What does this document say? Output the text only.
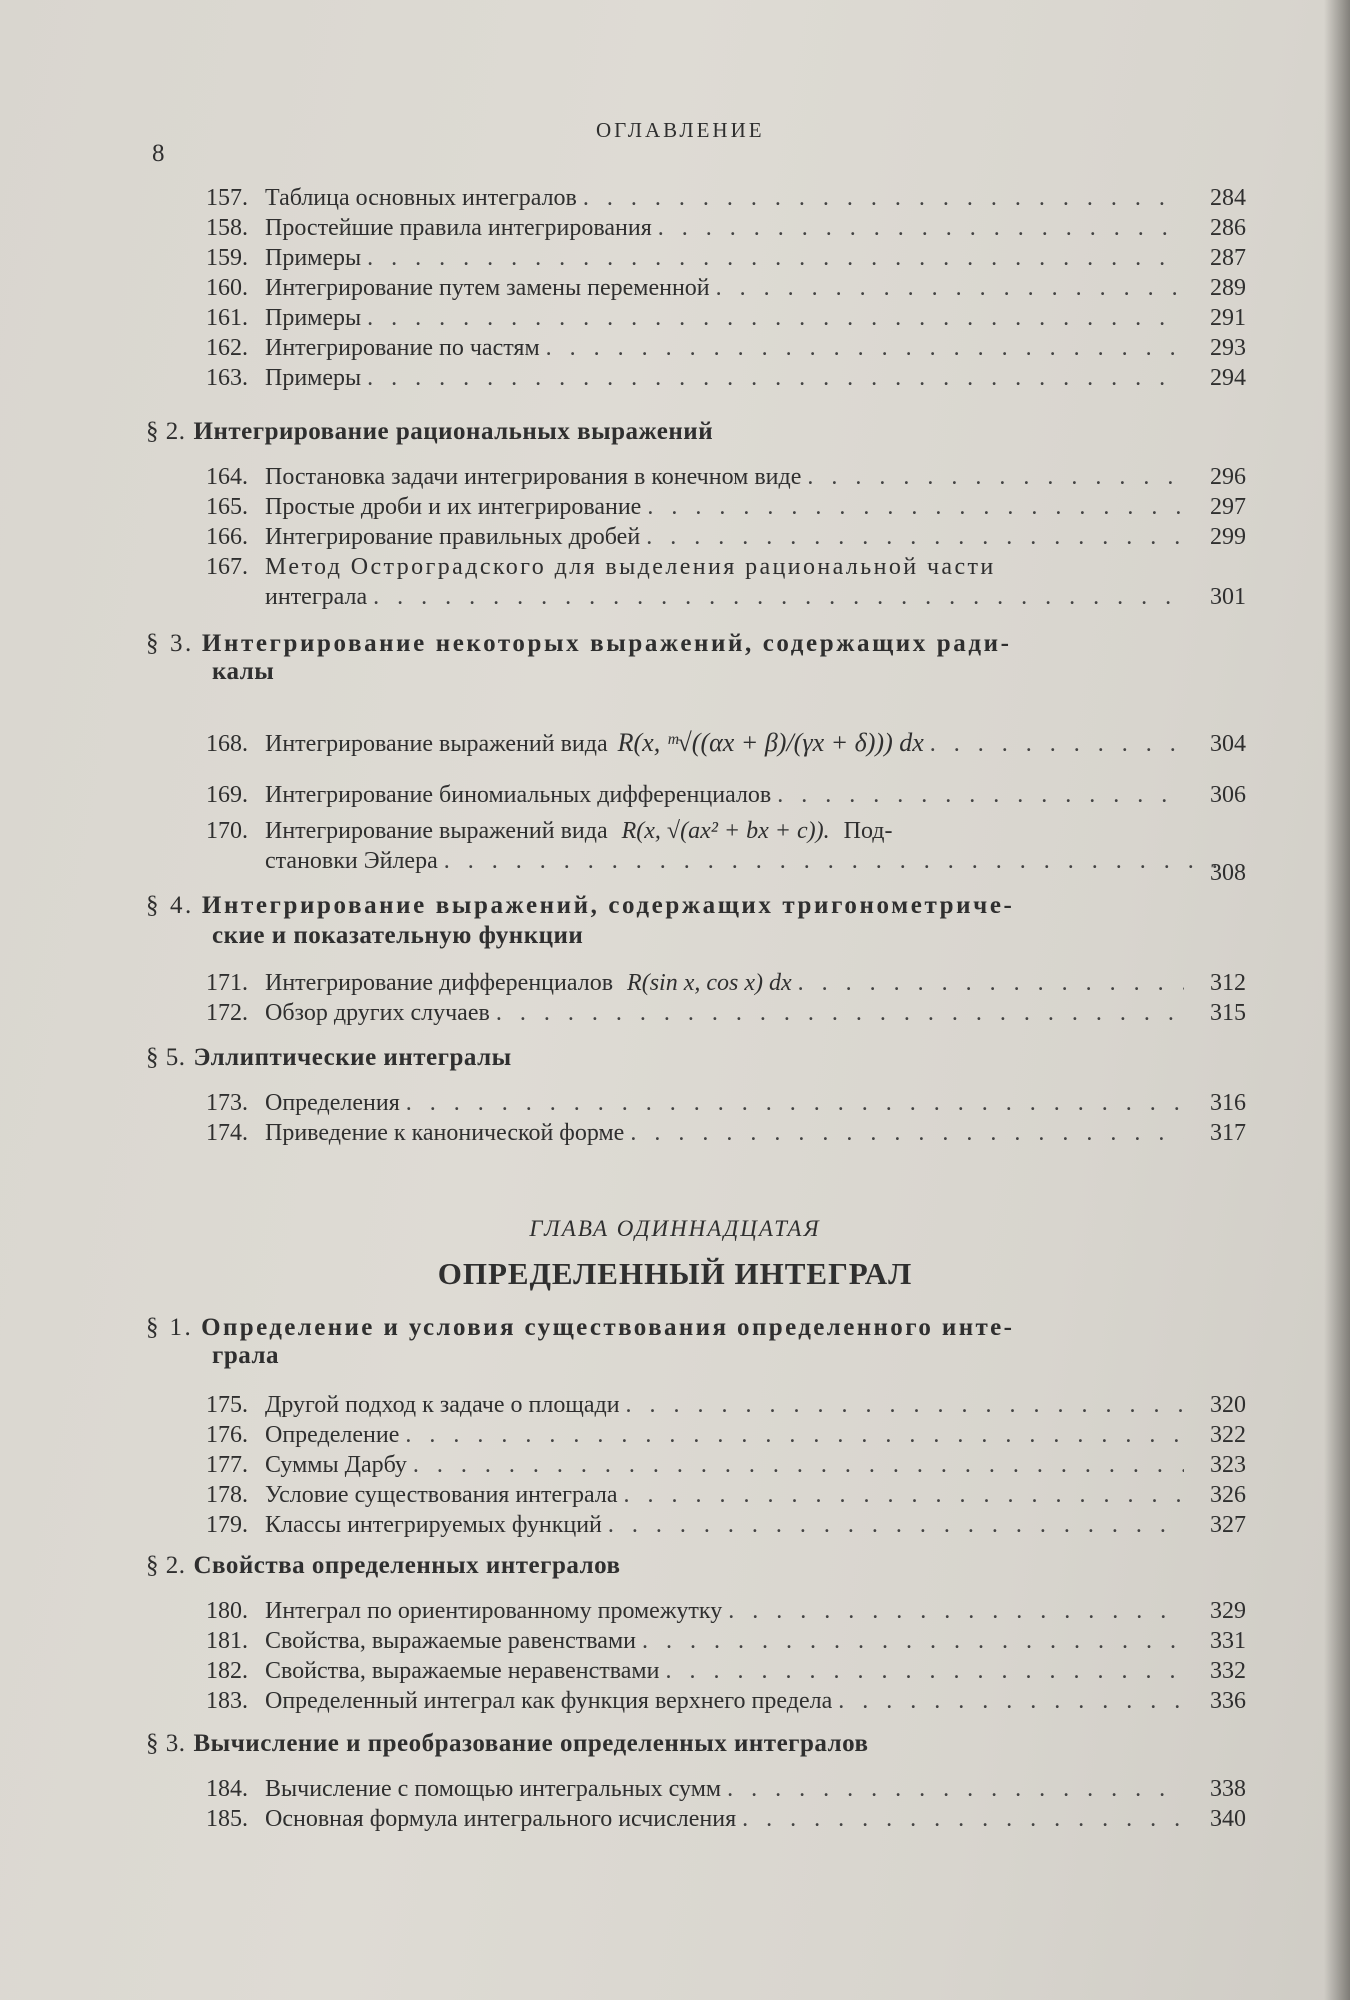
8
ОГЛАВЛЕНИЕ
157. Таблица основных интегралов . . .	284
158. Простейшие правила интегрирования . . .	286
159. Примеры . . .	287
160. Интегрирование путем замены переменной . . .	289
161. Примеры . . .	291
162. Интегрирование по частям . . .	293
163. Примеры . . .	294
§ 2. Интегрирование рациональных выражений
164. Постановка задачи интегрирования в конечном виде . . .	296
165. Простые дроби и их интегрирование . . .	297
166. Интегрирование правильных дробей . . .	299
167. Метод Остроградского для выделения рациональной части
интеграла . . .	301
§ 3. Интегрирование некоторых выражений, содержащих ради-
калы
168. Интегрирование выражений вида R(x, ᵐ√((αx + β)/(γx + δ))) dx . . .	304
169. Интегрирование биномиальных дифференциалов . . .	306
170. Интегрирование выражений вида R(x, √(ax² + bx + c)). Под-
становки Эйлера . . .	308
§ 4. Интегрирование выражений, содержащих тригонометриче-
ские и показательную функции
171. Интегрирование дифференциалов R(sin x, cos x) dx . . .	312
172. Обзор других случаев . . .	315
§ 5. Эллиптические интегралы
173. Определения . . .	316
174. Приведение к канонической форме . . .	317
ГЛАВА ОДИННАДЦАТАЯ
ОПРЕДЕЛЕННЫЙ ИНТЕГРАЛ
§ 1. Определение и условия существования определенного инте-
грала
175. Другой подход к задаче о площади . . .	320
176. Определение . . .	322
177. Суммы Дарбу . . .	323
178. Условие существования интеграла . . .	326
179. Классы интегрируемых функций . . .	327
§ 2. Свойства определенных интегралов
180. Интеграл по ориентированному промежутку . . .	329
181. Свойства, выражаемые равенствами . . .	331
182. Свойства, выражаемые неравенствами . . .	332
183. Определенный интеграл как функция верхнего предела . . .	336
§ 3. Вычисление и преобразование определенных интегралов
184. Вычисление с помощью интегральных сумм . . .	338
185. Основная формула интегрального исчисления . . .	340
